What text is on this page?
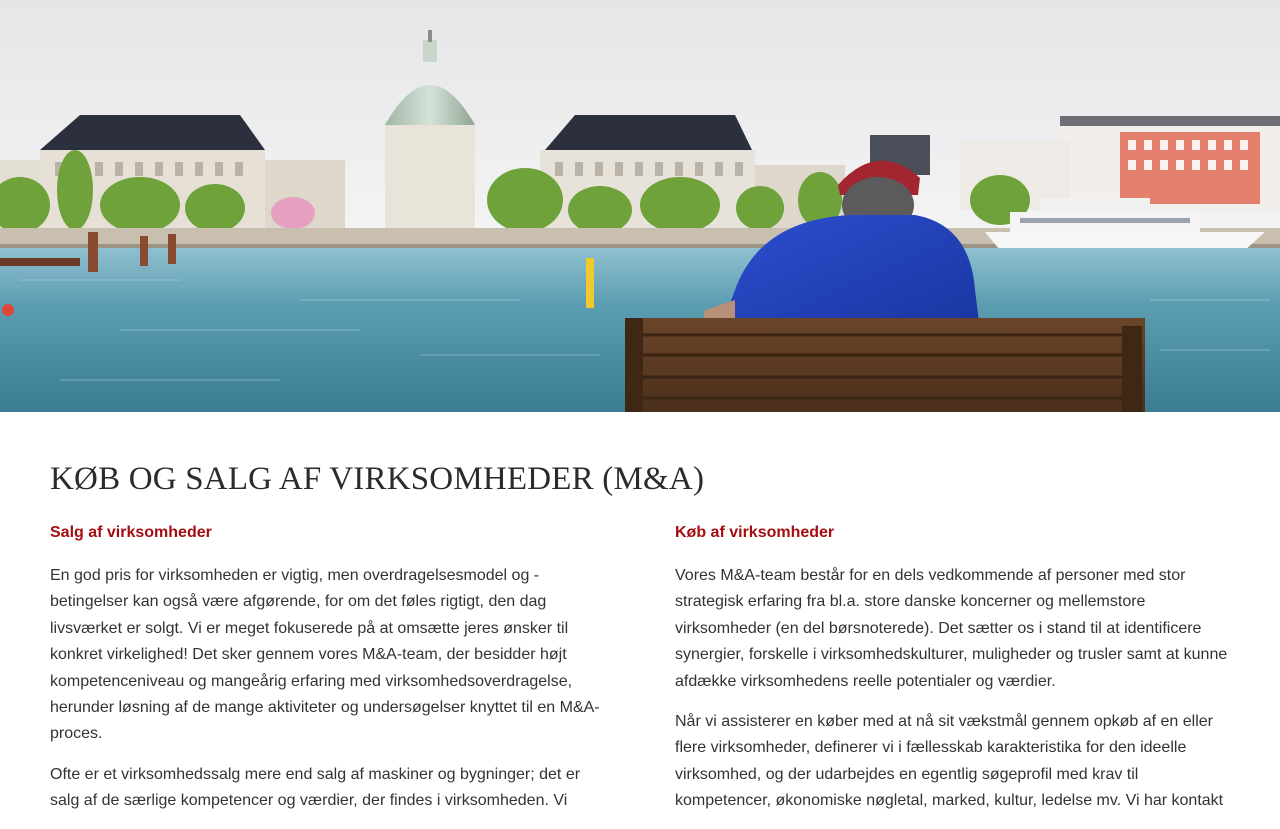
KØB OG SALG AF VIRKSOMHEDER (M&A)
Salg af virksomheder

En god pris for virksomheden er vigtig, men overdragelsesmodel og -betingelser kan også være afgørende, for om det føles rigtigt, den dag livsværket er solgt. Vi er meget fokuserede på at omsætte jeres ønsker til konkret virkelighed! Det sker gennem vores M&A-team, der besidder højt kompetenceniveau og mangeårig erfaring med virksomhedsoverdragelse, herunder løsning af de mange aktiviteter og undersøgelser knyttet til en M&A-proces.

Ofte er et virksomhedssalg mere end salg af maskiner og bygninger; det er salg af de særlige kompetencer og værdier, der findes i virksomheden. Vi

Køb af virksomheder

Vores M&A-team består for en dels vedkommende af personer med stor strategisk erfaring fra bl.a. store danske koncerner og mellemstore virksomheder (en del børsnoterede). Det sætter os i stand til at identificere synergier, forskelle i virksomhedskulturer, muligheder og trusler samt at kunne afdække virksomhedens reelle potentialer og værdier.

Når vi assisterer en køber med at nå sit vækstmål gennem opkøb af en eller flere virksomheder, definerer vi i fællesskab karakteristika for den ideelle virksomhed, og der udarbejdes en egentlig søgeprofil med krav til kompetencer, økonomiske nøgletal, marked, kultur, ledelse mv. Vi har kontakt
